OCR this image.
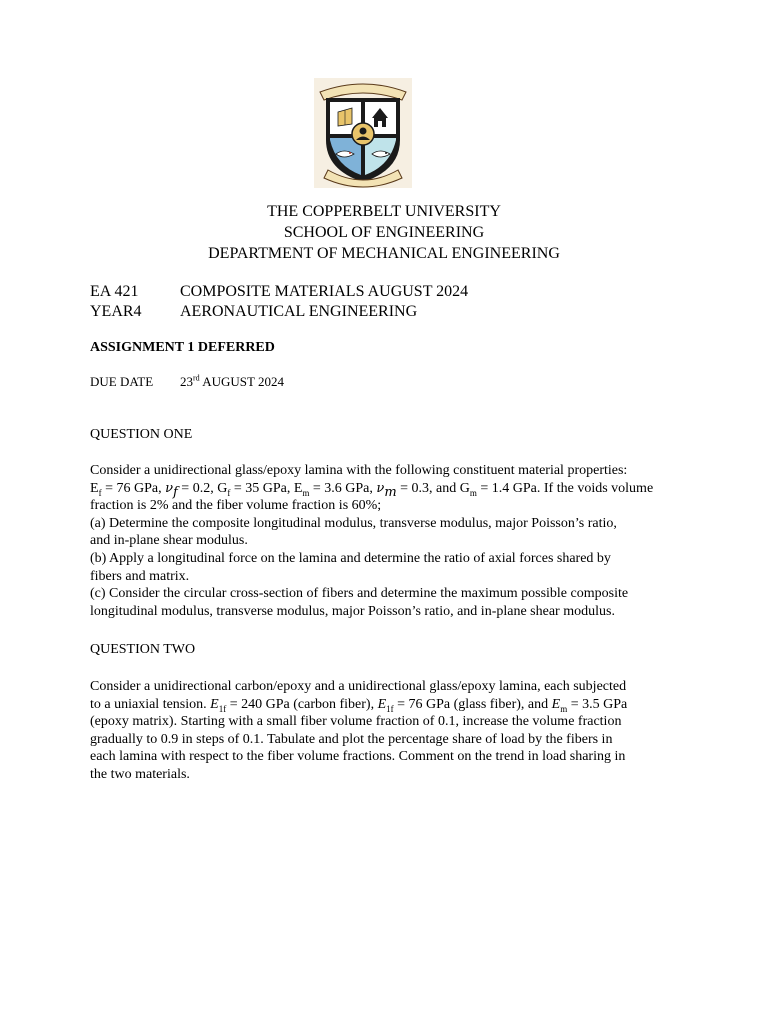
THE COPPERBELT UNIVERSITY
SCHOOL OF ENGINEERING
DEPARTMENT OF MECHANICAL ENGINEERING
EA 421	COMPOSITE MATERIALS AUGUST 2024
YEAR4 AERONAUTICAL ENGINEERING
ASSIGNMENT 1 DEFERRED
DUE DATE 23rd AUGUST 2024
QUESTION ONE
Consider a unidirectional glass/epoxy lamina with the following constituent material properties:
$E_f = 76$ GPa, $\nu_f = 0.2$, $G_f = 35$ GPa, $E_m = 3.6$ GPa, $\nu_m = 0.3$, and $G_m = 1.4$ GPa. If the voids volume
fraction is 2% and the fiber volume fraction is 60%;
(a) Determine the composite longitudinal modulus, transverse modulus, major Poisson’s ratio,
and in-plane shear modulus.
(b) Apply a longitudinal force on the lamina and determine the ratio of axial forces shared by
fibers and matrix.
(c) Consider the circular cross-section of fibers and determine the maximum possible composite
longitudinal modulus, transverse modulus, major Poisson’s ratio, and in-plane shear modulus.
QUESTION TWO
Consider a unidirectional carbon/epoxy and a unidirectional glass/epoxy lamina, each subjected
to a uniaxial tension. $E_{1f} = 240$ GPa (carbon fiber), $E_{1f} = 76$ GPa (glass fiber), and $E_m = 3.5$ GPa
(epoxy matrix). Starting with a small fiber volume fraction of 0.1, increase the volume fraction
gradually to 0.9 in steps of 0.1. Tabulate and plot the percentage share of load by the fibers in
each lamina with respect to the fiber volume fractions. Comment on the trend in load sharing in
the two materials.
